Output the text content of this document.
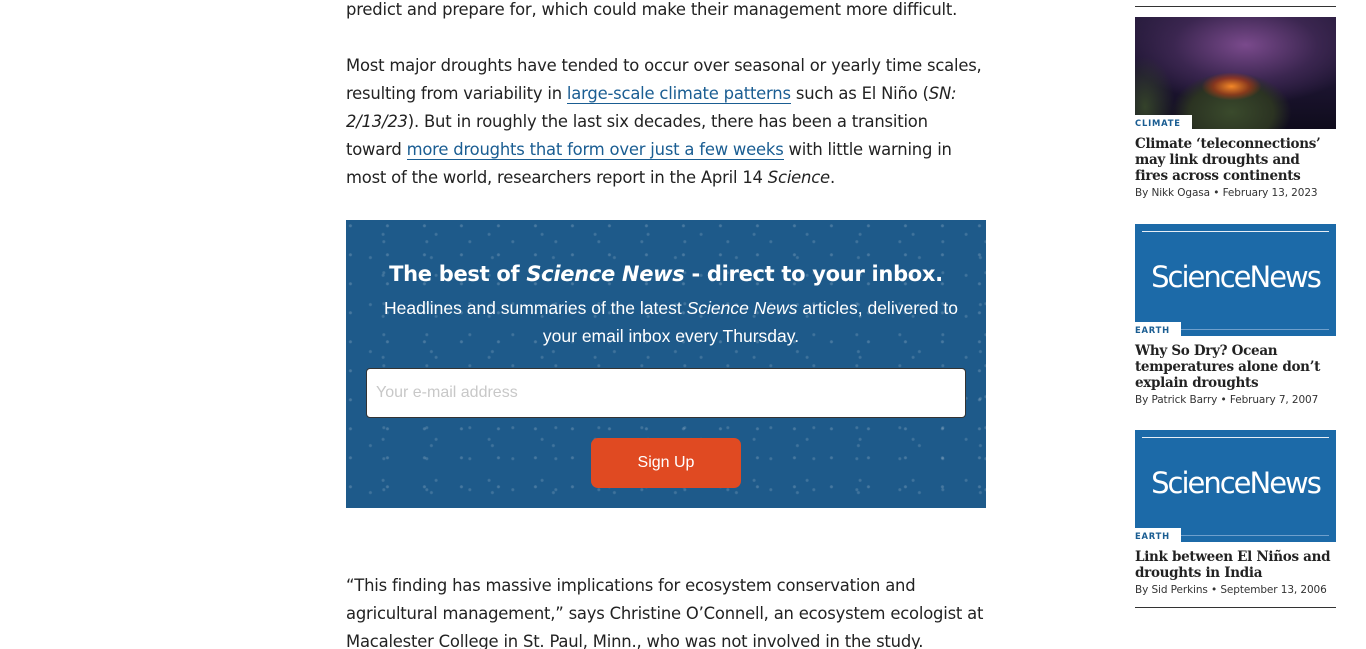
predict and prepare for, which could make their management more difficult.

Most major droughts have tended to occur over seasonal or yearly time scales, resulting from variability in large-scale climate patterns such as El Niño (SN: 2/13/23). But in roughly the last six decades, there has been a transition toward more droughts that form over just a few weeks with little warning in most of the world, researchers report in the April 14 Science.

The best of Science News - direct to your inbox.

Headlines and summaries of the latest Science News articles, delivered to your email inbox every Thursday.

Your e-mail address
Sign Up

“This finding has massive implications for ecosystem conservation and agricultural management,” says Christine O’Connell, an ecosystem ecologist at Macalester College in St. Paul, Minn., who was not involved in the study.

CLIMATE
Climate ‘teleconnections’ may link droughts and fires across continents

By Nikk Ogasa • February 13, 2023

ScienceNews
EARTH
Why So Dry? Ocean temperatures alone don’t explain droughts

By Patrick Barry • February 7, 2007

ScienceNews
EARTH
Link between El Niños and droughts in India

By Sid Perkins • September 13, 2006
